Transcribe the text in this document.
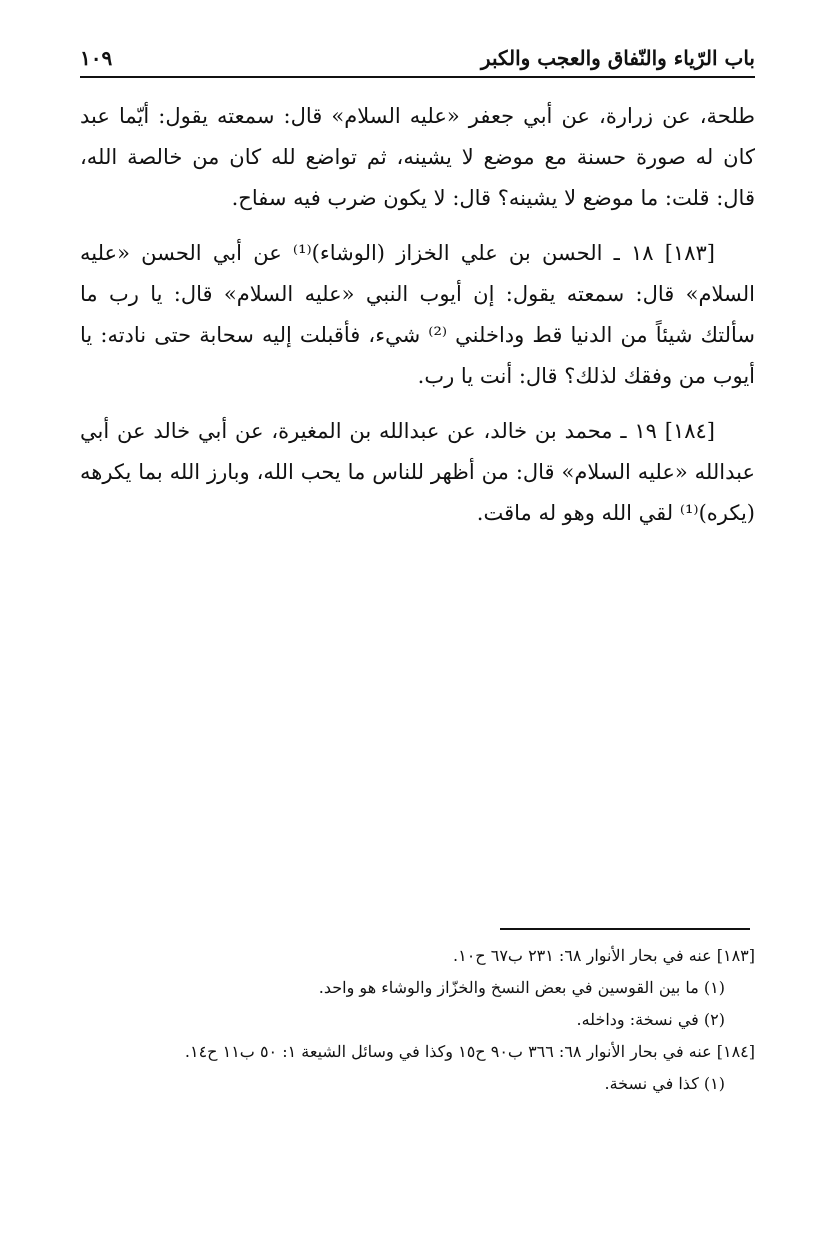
باب الرّياء والنّفاق والعجب والكبر
١٠٩

طلحة، عن زرارة، عن أبي جعفر «عليه السلام» قال: سمعته يقول: أيّما عبد كان له صورة حسنة مع موضع لا يشينه، ثم تواضع لله كان من خالصة الله، قال: قلت: ما موضع لا يشينه؟ قال: لا يكون ضرب فيه سفاح.

[١٨٣] ١٨ ـ الحسن بن علي الخزاز (الوشاء)⁽¹⁾ عن أبي الحسن «عليه السلام» قال: سمعته يقول: إن أيوب النبي «عليه السلام» قال: يا رب ما سألتك شيئاً من الدنيا قط وداخلني ⁽²⁾ شيء، فأقبلت إليه سحابة حتى نادته: يا أيوب من وفقك لذلك؟ قال: أنت يا رب.

[١٨٤] ١٩ ـ محمد بن خالد، عن عبدالله بن المغيرة، عن أبي خالد عن أبي عبدالله «عليه السلام» قال: من أظهر للناس ما يحب الله، وبارز الله بما يكرهه (يكره)⁽¹⁾ لقي الله وهو له ماقت.

[١٨٣] عنه في بحار الأنوار ٦٨: ٢٣١ ب٦٧ ح١٠.

(١) ما بين القوسين في بعض النسخ والخزّاز والوشاء هو واحد.

(٢) في نسخة: وداخله.

[١٨٤] عنه في بحار الأنوار ٦٨: ٣٦٦ ب٩٠ ح١٥ وكذا في وسائل الشيعة ١: ٥٠ ب١١ ح١٤.

(١) كذا في نسخة.
